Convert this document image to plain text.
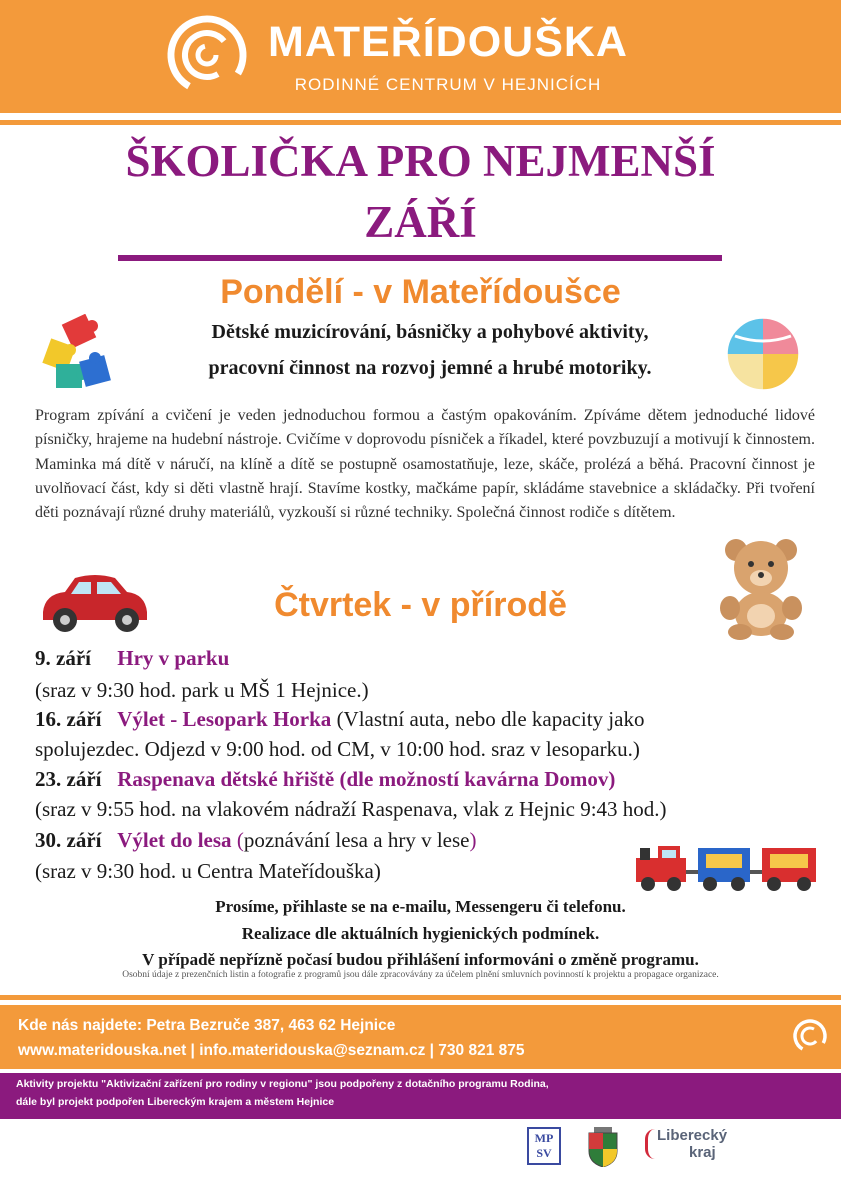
MATEŘÍDOUŠKA
RODINNÉ CENTRUM V HEJNICÍCH
ŠKOLIČKA PRO NEJMENŠÍ
ZÁŘÍ
Pondělí - v Mateřídoušce
Dětské muzicírování, básničky a pohybové aktivity,
pracovní činnost na rozvoj jemné a hrubé motoriky.
Program zpívání a cvičení je veden jednoduchou formou a častým opakováním. Zpíváme dětem jednoduché lidové písničky, hrajeme na hudební nástroje. Cvičíme v doprovodu písniček a říkadel, které povzbuzují a motivují k činnostem. Maminka má dítě v náručí, na klíně a dítě se postupně osamostatňuje, leze, skáče, prolézá a běhá. Pracovní činnost je uvolňovací část, kdy si děti vlastně hrají. Stavíme kostky, mačkáme papír, skládáme stavebnice a skládačky. Při tvoření děti poznávají různé druhy materiálů, vyzkouší si různé techniky. Společná činnost rodiče s dítětem.
Čtvrtek - v přírodě
9. září Hry v parku
(sraz v 9:30 hod. park u MŠ 1 Hejnice.)
16. září Výlet - Lesopark Horka (Vlastní auta, nebo dle kapacity jako
spolujezdec. Odjezd v 9:00 hod. od CM, v 10:00 hod. sraz v lesoparku.)
23. září Raspenava dětské hřiště (dle možností kavárna Domov)
(sraz v 9:55 hod. na vlakovém nádraží Raspenava, vlak z Hejnic 9:43 hod.)
30. září Výlet do lesa (poznávání lesa a hry v lese)
(sraz v 9:30 hod. u Centra Mateřídouška)
Prosíme, přihlaste se na e-mailu, Messengeru či telefonu.
Realizace dle aktuálních hygienických podmínek.
V případě nepřízně počasí budou přihlášení informováni o změně programu.
Osobní údaje z prezenčních listin a fotografie z programů jsou dále zpracovávány za účelem plnění smluvních povinností k projektu a propagace organizace.
Kde nás najdete: Petra Bezruče 387, 463 62 Hejnice
www.materidouska.net | info.materidouska@seznam.cz | 730 821 875
Aktivity projektu "Aktivizační zařízení pro rodiny v regionu" jsou podpořeny z dotačního programu Rodina,
dále byl projekt podpořen Libereckým krajem a městem Hejnice
MP
SV
Liberecký
kraj
